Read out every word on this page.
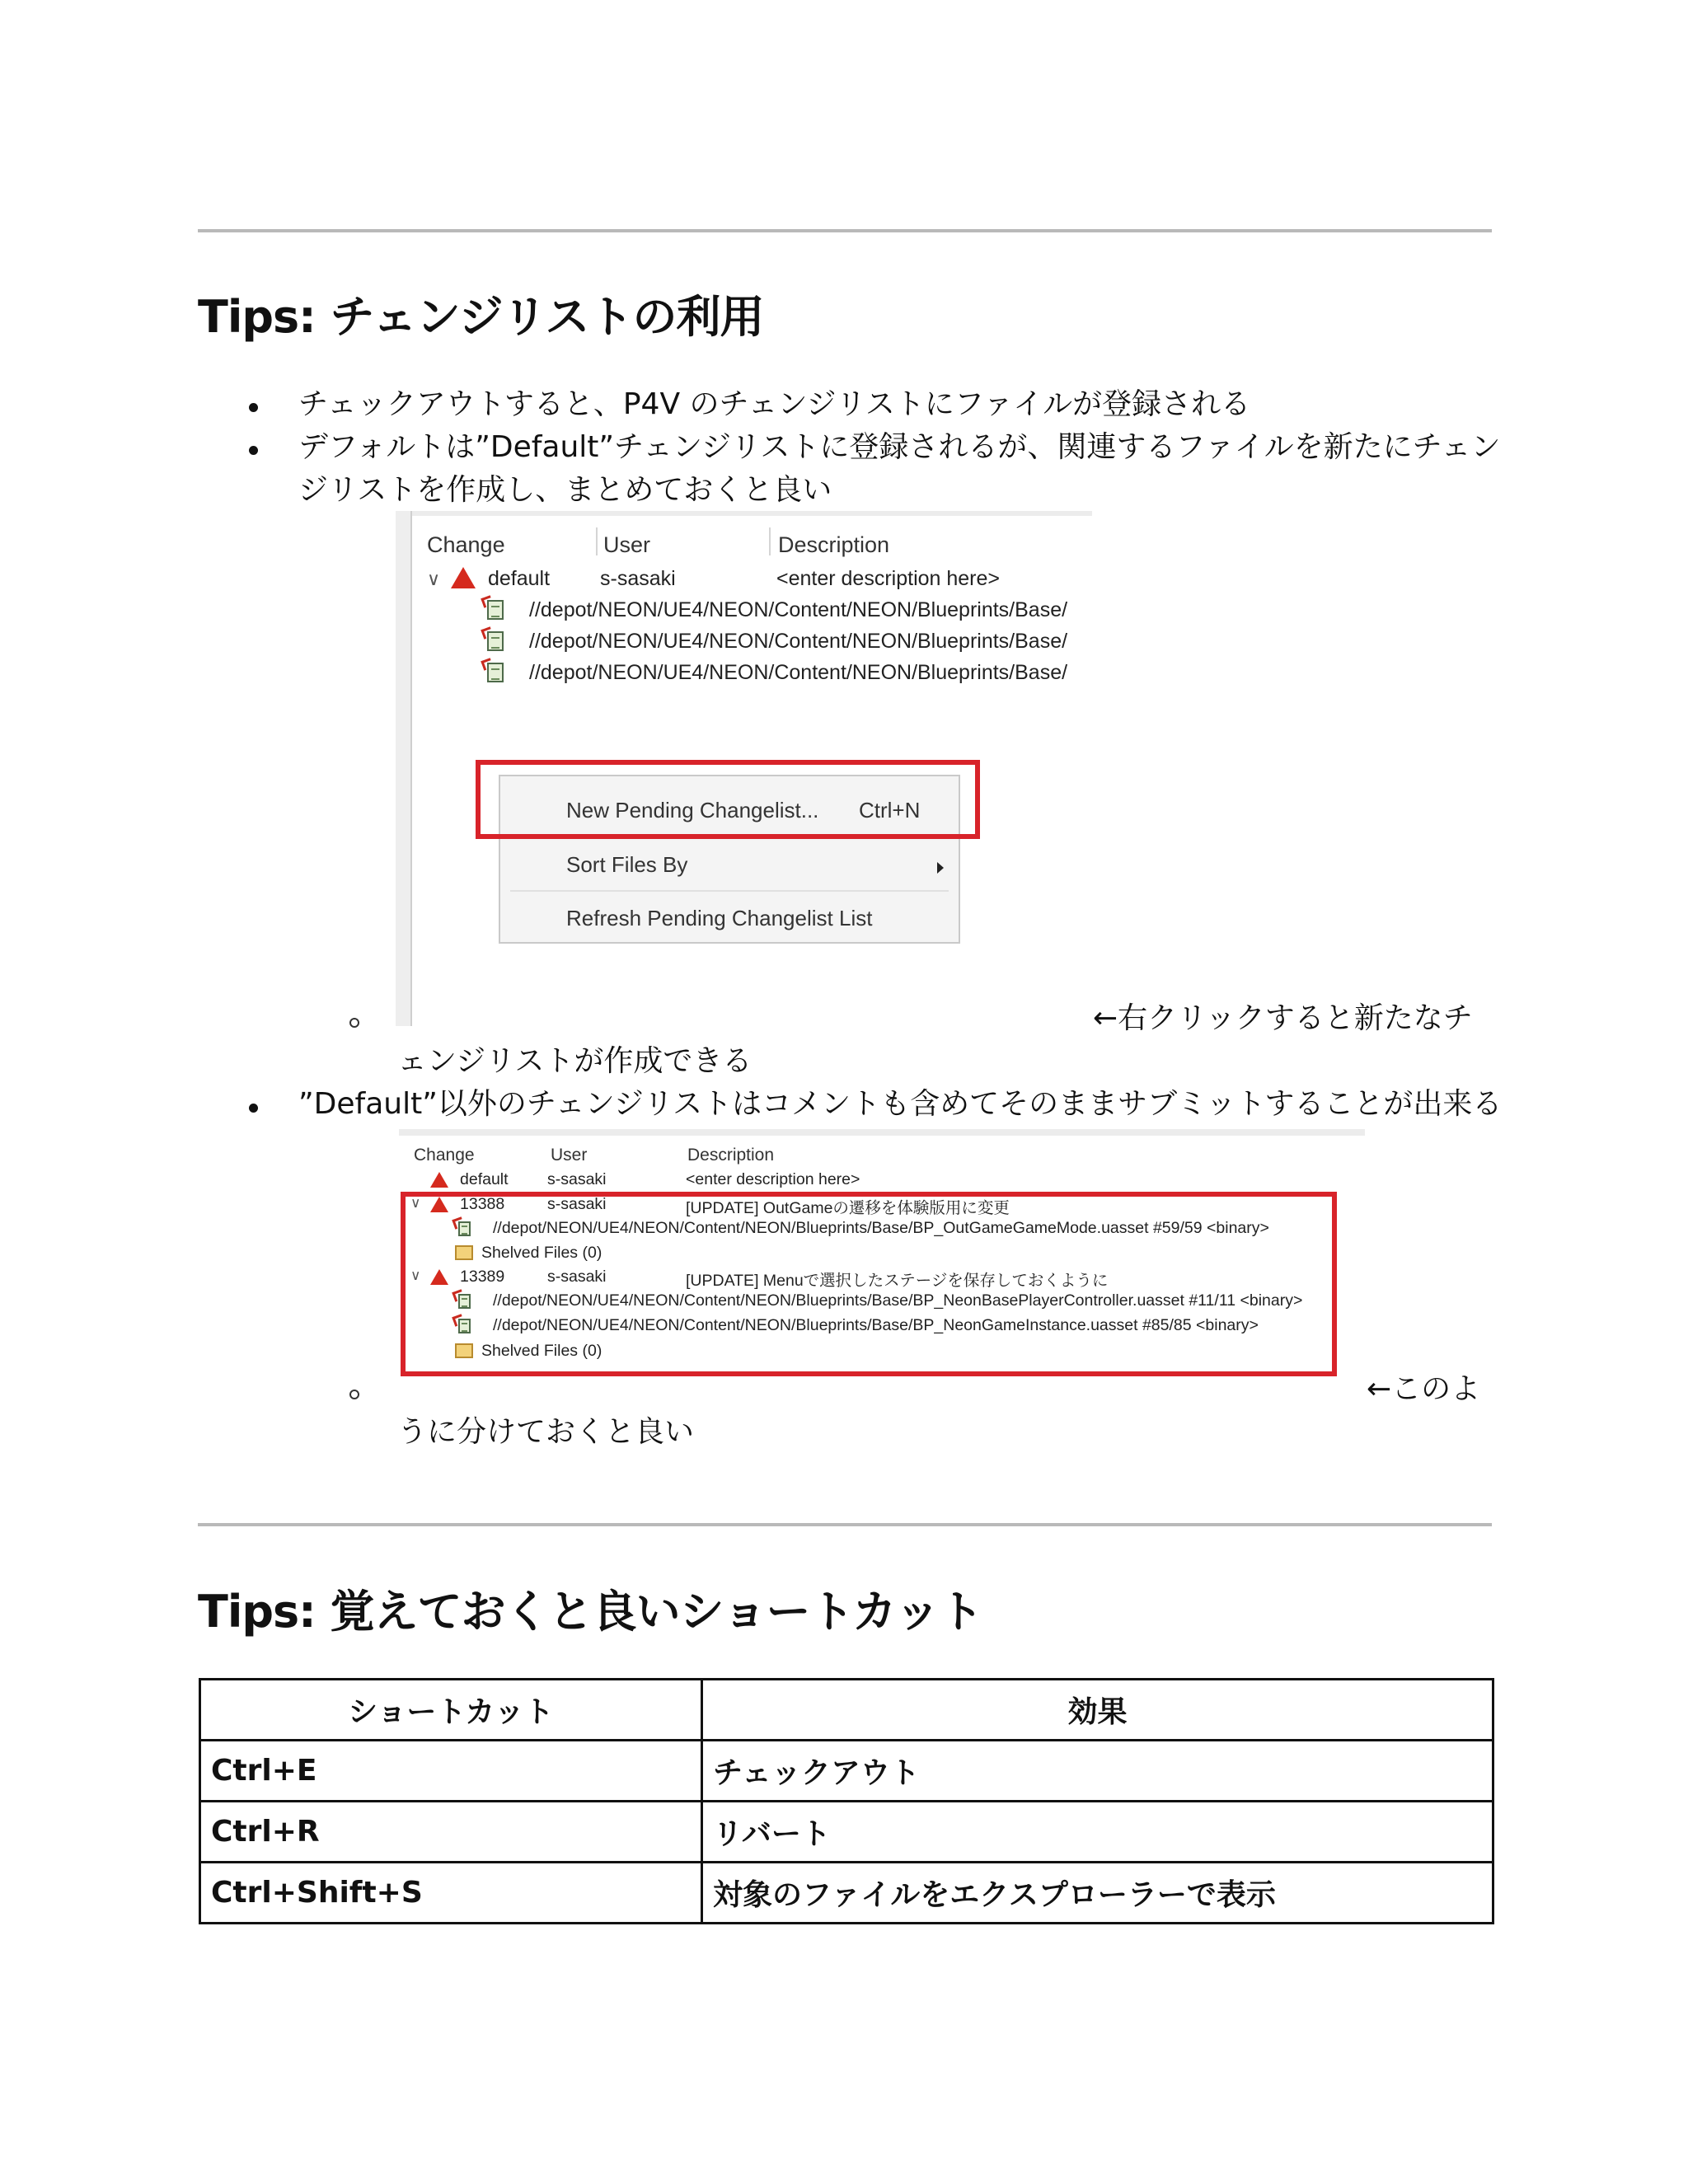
Tips: チェンジリストの利用
チェックアウトすると、P4V のチェンジリストにファイルが登録される
デフォルトは”Default”チェンジリストに登録されるが、関連するファイルを新たにチェン
ジリストを作成し、まとめておくと良い
Change	User	Description
∨ default s-sasaki	<enter description here>
//depot/NEON/UE4/NEON/Content/NEON/Blueprints/Base/
//depot/NEON/UE4/NEON/Content/NEON/Blueprints/Base/
//depot/NEON/UE4/NEON/Content/NEON/Blueprints/Base/
New Pending Changelist... Ctrl+N
Sort Files By
Refresh Pending Changelist List
←右クリックすると新たなチ
ェンジリストが作成できる
”Default”以外のチェンジリストはコメントも含めてそのままサブミットすることが出来る
Change	User	Description
default s-sasaki	<enter description here>
∨ 13388	s-sasaki	[UPDATE] OutGameの遷移を体験版用に変更
//depot/NEON/UE4/NEON/Content/NEON/Blueprints/Base/BP_OutGameGameMode.uasset #59/59 <binary>
Shelved Files (0)
∨ 13389	s-sasaki	[UPDATE] Menuで選択したステージを保存しておくように
//depot/NEON/UE4/NEON/Content/NEON/Blueprints/Base/BP_NeonBasePlayerController.uasset #11/11 <binary>
//depot/NEON/UE4/NEON/Content/NEON/Blueprints/Base/BP_NeonGameInstance.uasset #85/85 <binary>
Shelved Files (0)
←このよ
うに分けておくと良い
Tips: 覚えておくと良いショートカット
ショートカット	効果
Ctrl+E	チェックアウト
Ctrl+R	リバート
Ctrl+Shift+S	対象のファイルをエクスプローラーで表示
